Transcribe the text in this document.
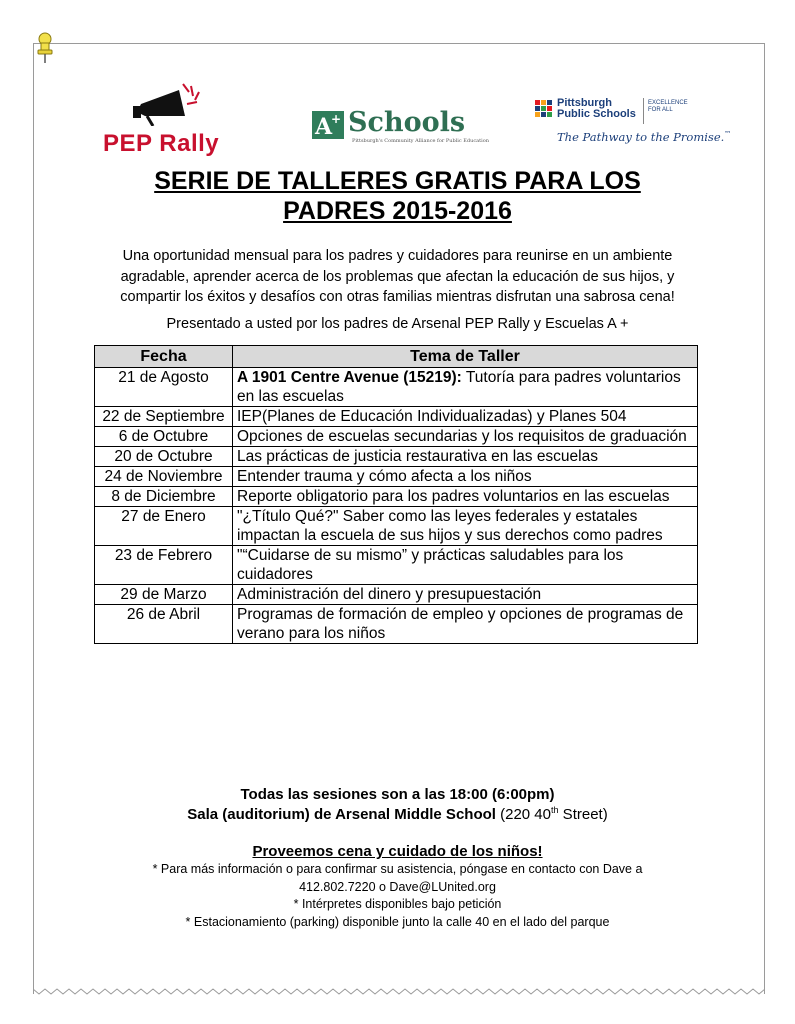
PEP Rally
A
+ Schools
Pittsburgh's Community Alliance for Public Education
Pittsburgh
Public Schools
EXCELLENCE FOR ALL
The Pathway to the Promise.™
SERIE DE TALLERES GRATIS PARA LOS
PADRES 2015-2016
Una oportunidad mensual para los padres y cuidadores para reunirse en un ambiente agradable, aprender acerca de los problemas que afectan la educación de sus hijos, y compartir los éxitos y desafíos con otras familias mientras disfrutan una sabrosa cena!
Presentado a usted por los padres de Arsenal PEP Rally y Escuelas A +
Fecha	Tema de Taller
21 de Agosto	A 1901 Centre Avenue (15219): Tutoría para padres voluntarios en las escuelas
22 de Septiembre	IEP(Planes de Educación Individualizadas) y Planes 504
6 de Octubre	Opciones de escuelas secundarias y los requisitos de graduación
20 de Octubre	Las prácticas de justicia restaurativa en las escuelas
24 de Noviembre	Entender trauma y cómo afecta a los niños
8 de Diciembre	Reporte obligatorio para los padres voluntarios en las escuelas
27 de Enero	"¿Título Qué?" Saber como las leyes federales y estatales impactan la escuela de sus hijos y sus derechos como padres
23 de Febrero	"“Cuidarse de su mismo” y prácticas saludables para los cuidadores
29 de Marzo	Administración del dinero y presupuestación
26 de Abril	Programas de formación de empleo y opciones de programas de verano para los niños
Todas las sesiones son a las 18:00 (6:00pm)
Sala (auditorium) de Arsenal Middle School (220 40th Street)
Proveemos cena y cuidado de los niños!
* Para más información o para confirmar su asistencia, póngase en contacto con Dave a
412.802.7220 o Dave@LUnited.org
* Intérpretes disponibles bajo petición
* Estacionamiento (parking) disponible junto la calle 40 en el lado del parque
